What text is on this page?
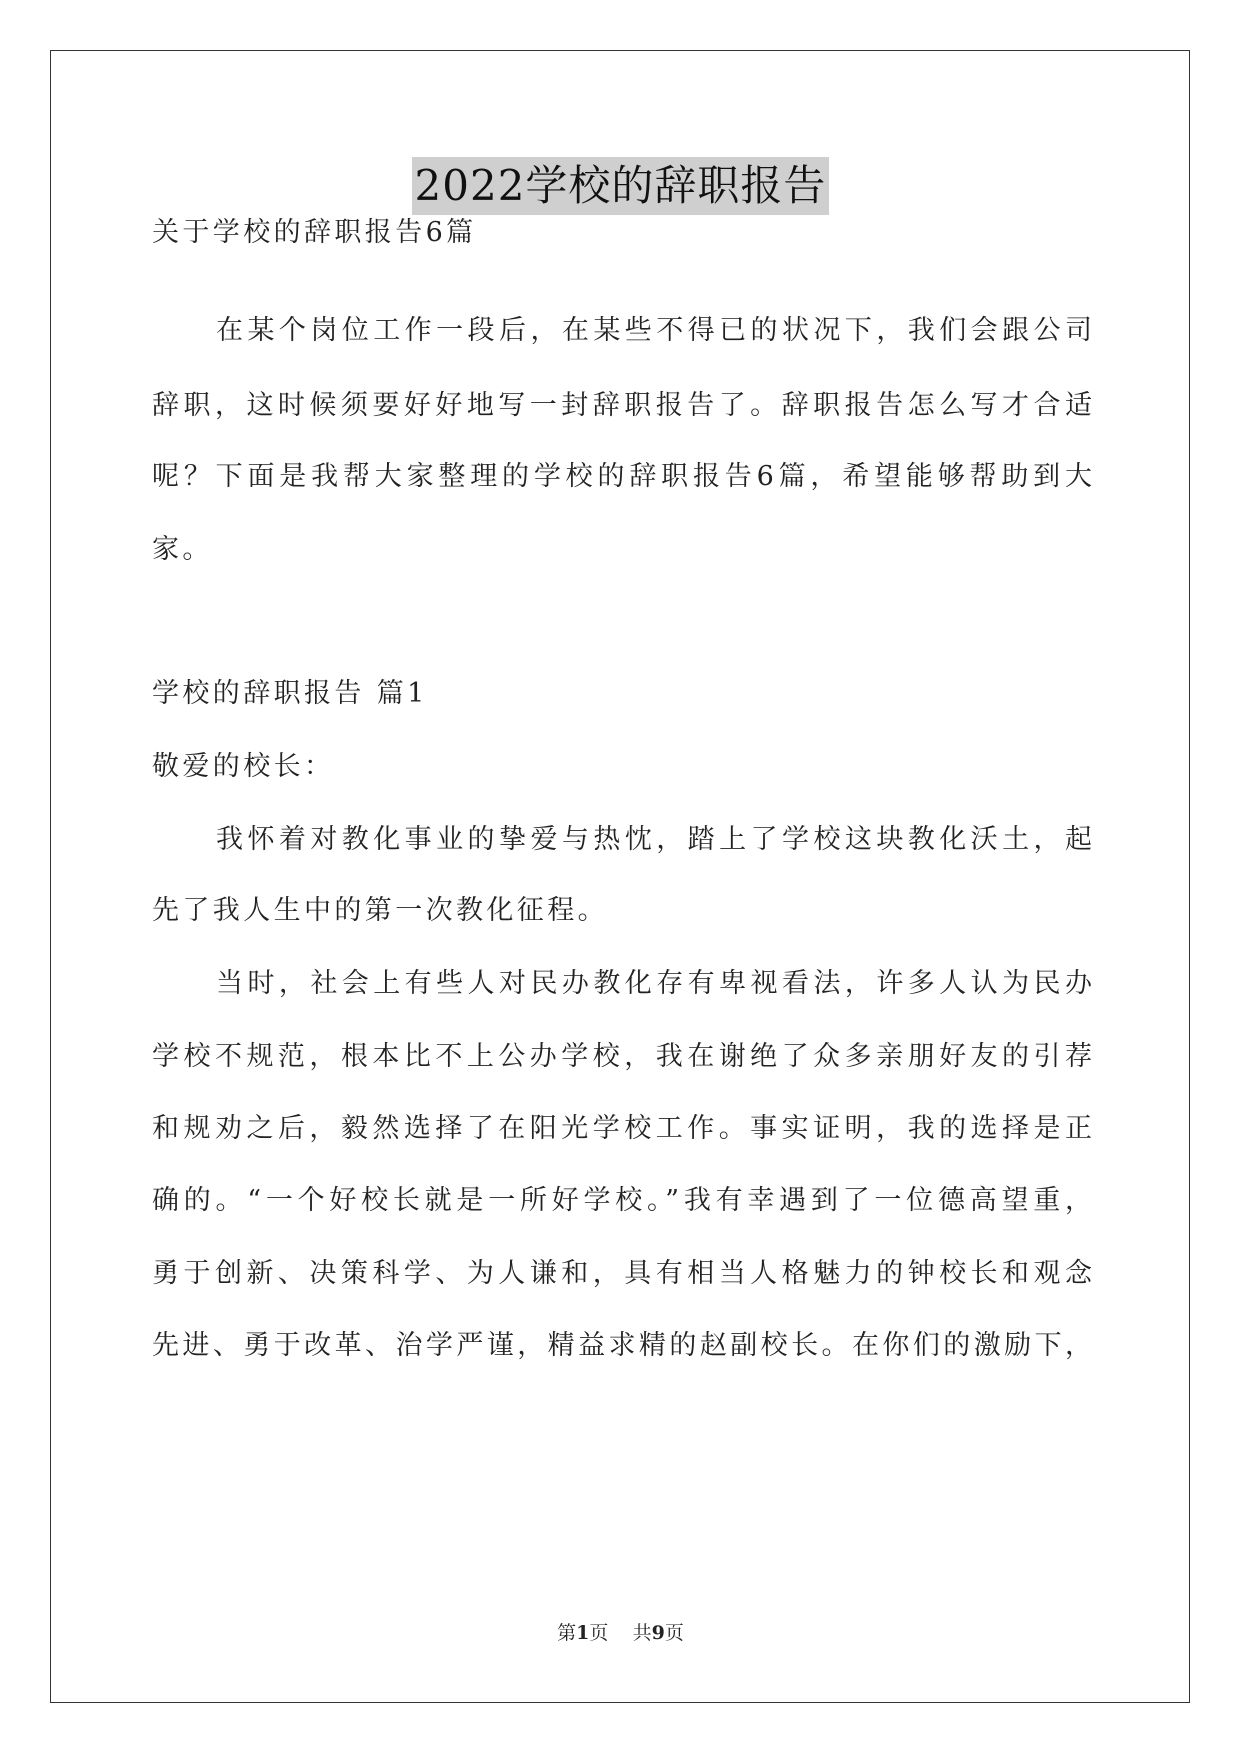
2022学校的辞职报告
关于学校的辞职报告6篇
在某个岗位工作一段后，在某些不得已的状况下，我们会跟公司
辞职，这时候须要好好地写一封辞职报告了。辞职报告怎么写才合适
呢？下面是我帮大家整理的学校的辞职报告6篇，希望能够帮助到大
家。
学校的辞职报告 篇1
敬爱的校长：
我怀着对教化事业的挚爱与热忱，踏上了学校这块教化沃土，起
先了我人生中的第一次教化征程。
当时，社会上有些人对民办教化存有卑视看法，许多人认为民办
学校不规范，根本比不上公办学校，我在谢绝了众多亲朋好友的引荐
和规劝之后，毅然选择了在阳光学校工作。事实证明，我的选择是正
确的。“一个好校长就是一所好学校。”我有幸遇到了一位德高望重，
勇于创新、决策科学、为人谦和，具有相当人格魅力的钟校长和观念
先进、勇于改革、治学严谨，精益求精的赵副校长。在你们的激励下，
第1页    共9页
